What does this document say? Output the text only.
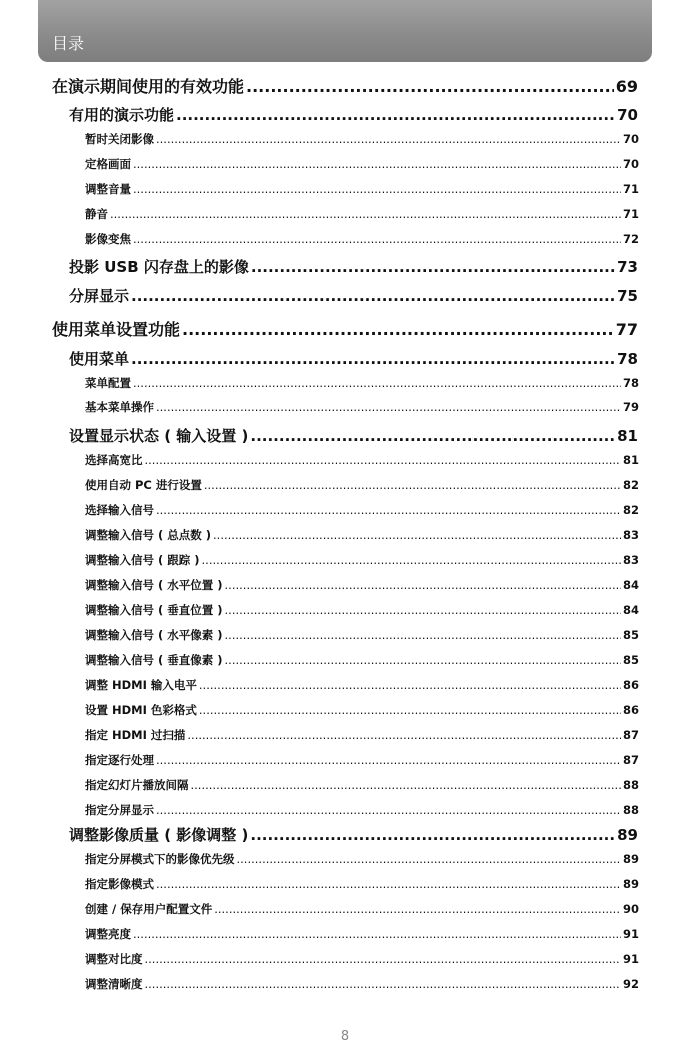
目录
在演示期间使用的有效功能 .....	69
有用的演示功能 .....	70
暂时关闭影像 .....	70
定格画面 .....	70
调整音量 .....	71
静音 .....	71
影像变焦 .....	72
投影 USB 闪存盘上的影像 .....	73
分屏显示 .....	75
使用菜单设置功能 .....	77
使用菜单 .....	78
菜单配置 .....	78
基本菜单操作 .....	79
设置显示状态 ( 输入设置 ) .....	81
选择高宽比 .....	81
使用自动 PC 进行设置 .....	82
选择输入信号 .....	82
调整输入信号 ( 总点数 ) .....	83
调整输入信号 ( 跟踪 ) .....	83
调整输入信号 ( 水平位置 ) .....	84
调整输入信号 ( 垂直位置 ) .....	84
调整输入信号 ( 水平像素 ) .....	85
调整输入信号 ( 垂直像素 ) .....	85
调整 HDMI 输入电平 .....	86
设置 HDMI 色彩格式 .....	86
指定 HDMI 过扫描 .....	87
指定逐行处理 .....	87
指定幻灯片播放间隔 .....	88
指定分屏显示 .....	88
调整影像质量 ( 影像调整 ) .....	89
指定分屏模式下的影像优先级 .....	89
指定影像模式 .....	89
创建 / 保存用户配置文件 .....	90
调整亮度 .....	91
调整对比度 .....	91
调整清晰度 .....	92
8
